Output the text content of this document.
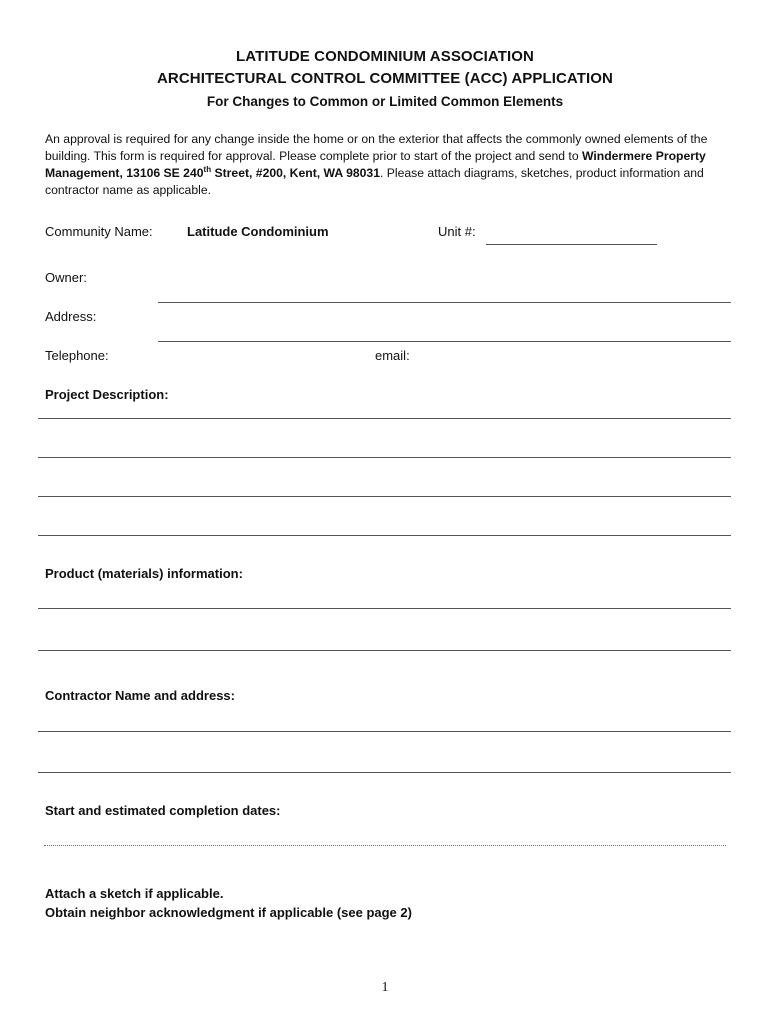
LATITUDE CONDOMINIUM ASSOCIATION
ARCHITECTURAL CONTROL COMMITTEE (ACC) APPLICATION
For Changes to Common or Limited Common Elements
An approval is required for any change inside the home or on the exterior that affects the commonly owned elements of the building. This form is required for approval. Please complete prior to start of the project and send to Windermere Property Management, 13106 SE 240th Street, #200, Kent, WA 98031. Please attach diagrams, sketches, product information and contractor name as applicable.
Community Name:	Latitude Condominium	Unit #:
Owner:
Address:
Telephone:	email:
Project Description:
Product (materials) information:
Contractor Name and address:
Start and estimated completion dates:
Attach a sketch if applicable.
Obtain neighbor acknowledgment if applicable (see page 2)
1
